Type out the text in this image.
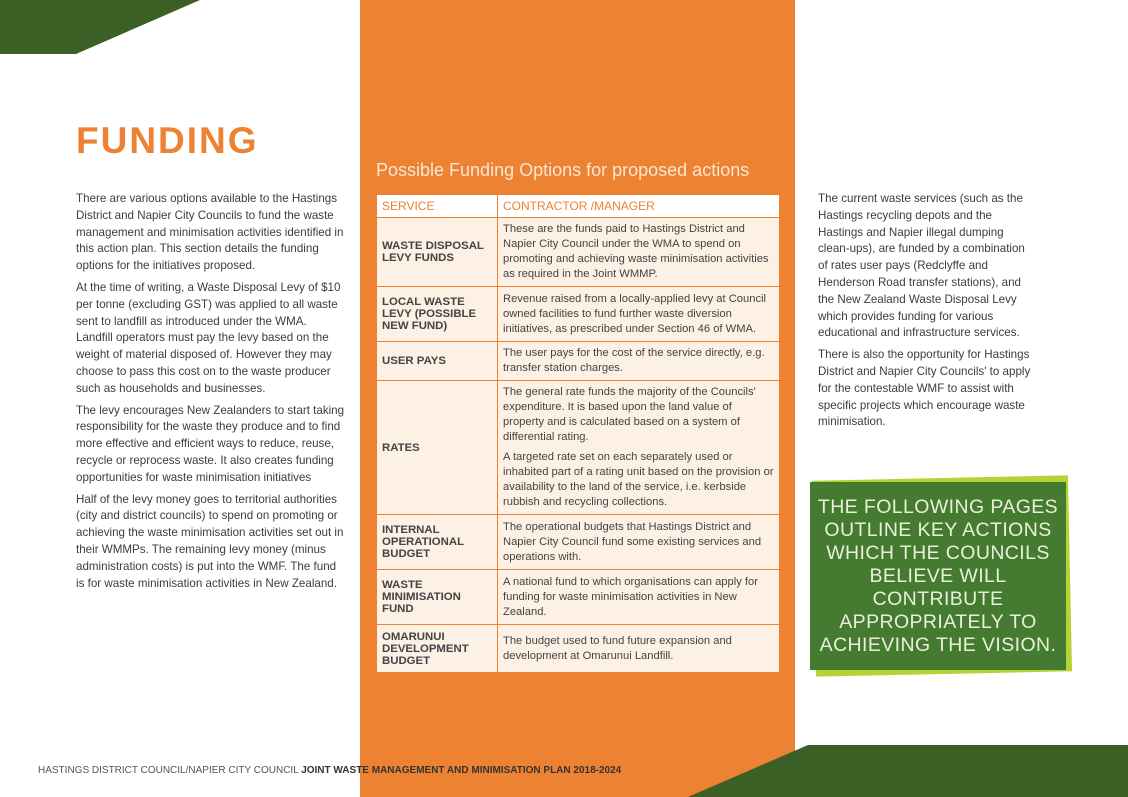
FUNDING

There are various options available to the Hastings District and Napier City Councils to fund the waste management and minimisation activities identified in this action plan. This section details the funding options for the initiatives proposed.

At the time of writing, a Waste Disposal Levy of $10 per tonne (excluding GST) was applied to all waste sent to landfill as introduced under the WMA. Landfill operators must pay the levy based on the weight of material disposed of. However they may choose to pass this cost on to the waste producer such as households and businesses.

The levy encourages New Zealanders to start taking responsibility for the waste they produce and to find more effective and efficient ways to reduce, reuse, recycle or reprocess waste. It also creates funding opportunities for waste minimisation initiatives

Half of the levy money goes to territorial authorities (city and district councils) to spend on promoting or achieving the waste minimisation activities set out in their WMMPs. The remaining levy money (minus administration costs) is put into the WMF. The fund is for waste minimisation activities in New Zealand.

Possible Funding Options for proposed actions
SERVICE	CONTRACTOR /MANAGER
WASTE DISPOSAL LEVY FUNDS	These are the funds paid to Hastings District and Napier City Council under the WMA to spend on promoting and achieving waste minimisation activities as required in the Joint WMMP.
LOCAL WASTE LEVY (POSSIBLE NEW FUND)	Revenue raised from a locally-applied levy at Council owned facilities to fund further waste diversion initiatives, as prescribed under Section 46 of WMA.
USER PAYS	The user pays for the cost of the service directly, e.g. transfer station charges.
RATES	The general rate funds the majority of the Councils' expenditure. It is based upon the land value of property and is calculated based on a system of differential rating.

A targeted rate set on each separately used or inhabited part of a rating unit based on the provision or availability to the land of the service, i.e. kerbside rubbish and recycling collections.

INTERNAL OPERATIONAL BUDGET	The operational budgets that Hastings District and Napier City Council fund some existing services and operations with.
WASTE MINIMISATION FUND	A national fund to which organisations can apply for funding for waste minimisation activities in New Zealand.
OMARUNUI DEVELOPMENT BUDGET	The budget used to fund future expansion and development at Omarunui Landfill.

The current waste services (such as the Hastings recycling depots and the Hastings and Napier illegal dumping clean-ups), are funded by a combination of rates user pays (Redclyffe and Henderson Road transfer stations), and the New Zealand Waste Disposal Levy which provides funding for various educational and infrastructure services.

There is also the opportunity for Hastings District and Napier City Councils' to apply for the contestable WMF to assist with specific projects which encourage waste minimisation.

THE FOLLOWING PAGES OUTLINE KEY ACTIONS WHICH THE COUNCILS BELIEVE WILL CONTRIBUTE APPROPRIATELY TO ACHIEVING THE VISION.
HASTINGS DISTRICT COUNCIL/NAPIER CITY COUNCIL JOINT WASTE MANAGEMENT AND MINIMISATION PLAN 2018-2024
